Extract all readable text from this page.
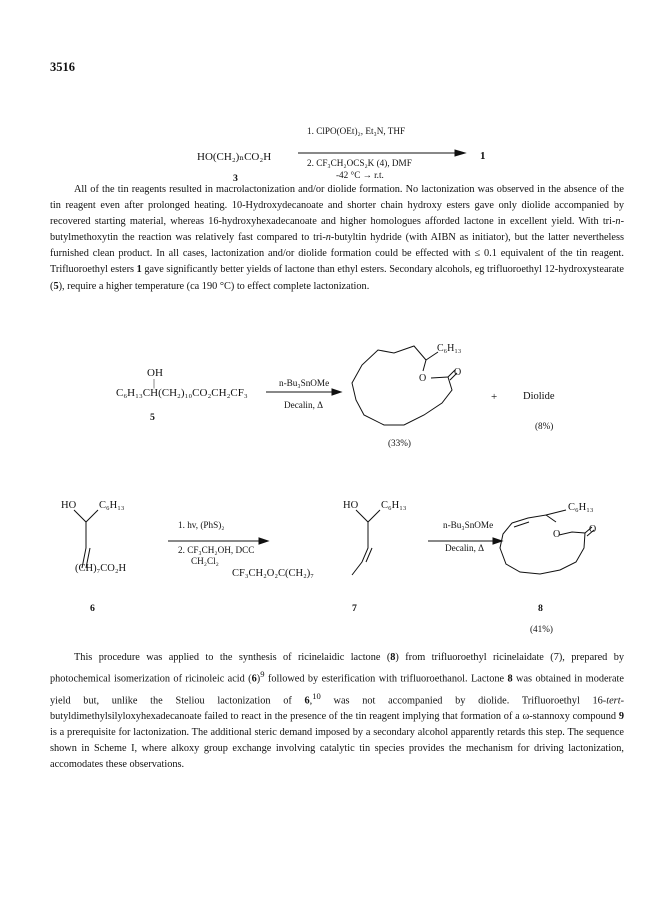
3516
HO(CH₂)ₙCO₂H
3
1. ClPO(OEt)₂, Et₃N, THF
2. CF₃CH₂OCS₂K (4), DMF
-42 °C → r.t.
1
All of the tin reagents resulted in macrolactonization and/or diolide formation. No lactonization was observed in the absence of the tin reagent even after prolonged heating. 10-Hydroxydecanoate and shorter chain hydroxy esters gave only diolide accompanied by recovered starting material, whereas 16-hydroxyhexadecanoate and higher homologues afforded lactone in excellent yield. With tri-n-butylmethoxytin the reaction was relatively fast compared to tri-n-butyltin hydride (with AIBN as initiator), but the latter nevertheless furnished clean product. In all cases, lactonization and/or diolide formation could be effected with ≤ 0.1 equivalent of the tin reagent. Trifluoroethyl esters 1 gave significantly better yields of lactone than ethyl esters. Secondary alcohols, eg trifluoroethyl 12-hydroxystearate (5), require a higher temperature (ca 190 °C) to effect complete lactonization.
OH
|
C₆H₁₃CH(CH₂)₁₀CO₂CH₂CF₃
5
n-Bu₃SnOMe
Decalin, Δ
C₆H₁₃
O
O
+ Diolide
(33%)
(8%)
HO C₆H₁₃
(CH)₇CO₂H
6
1. hv, (PhS)₂
2. CF₃CH₂OH, DCC
CH₂Cl₂
HO C₆H₁₃
CF₃CH₂O₂C(CH₂)₇
7
n-Bu₃SnOMe
Decalin, Δ
C₆H₁₃
O	O
8
(41%)
This procedure was applied to the synthesis of ricinelaidic lactone (8) from trifluoroethyl ricinelaidate (7), prepared by photochemical isomerization of ricinoleic acid $(6)^9$ followed by esterification with trifluoroethanol. Lactone 8 was obtained in moderate yield but, unlike the Steliou lactonization of 6,10 was not accompanied by diolide. Trifluoroethyl 16-tert-butyldimethylsilyloxyhexadecanoate failed to react in the presence of the tin reagent implying that formation of a ω-stannoxy compound 9 is a prerequisite for lactonization. The additional steric demand imposed by a secondary alcohol apparently retards this step. The sequence shown in Scheme I, where alkoxy group exchange involving catalytic tin species provides the mechanism for driving lactonization, accomodates these observations.
